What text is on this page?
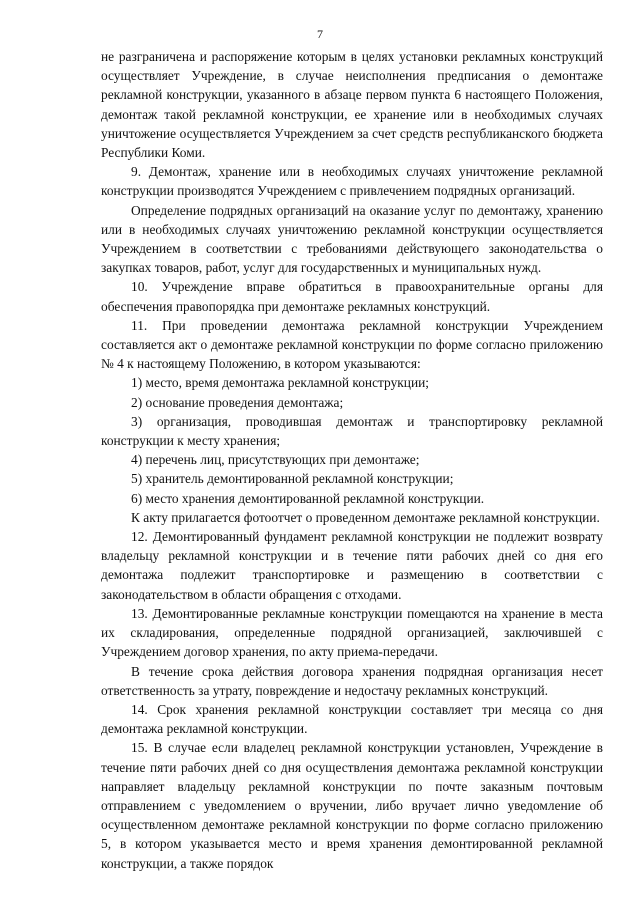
7

не разграничена и распоряжение которым в целях установки рекламных конструкций осуществляет Учреждение, в случае неисполнения предписания о демонтаже рекламной конструкции, указанного в абзаце первом пункта 6 настоящего Положения, демонтаж такой рекламной конструкции, ее хранение или в необходимых случаях уничтожение осуществляется Учреждением за счет средств республиканского бюджета Республики Коми.

9. Демонтаж, хранение или в необходимых случаях уничтожение рекламной конструкции производятся Учреждением с привлечением подрядных организаций.

Определение подрядных организаций на оказание услуг по демонтажу, хранению или в необходимых случаях уничтожению рекламной конструкции осуществляется Учреждением в соответствии с требованиями действующего законодательства о закупках товаров, работ, услуг для государственных и муниципальных нужд.

10. Учреждение вправе обратиться в правоохранительные органы для обеспечения правопорядка при демонтаже рекламных конструкций.

11. При проведении демонтажа рекламной конструкции Учреждением составляется акт о демонтаже рекламной конструкции по форме согласно приложению № 4 к настоящему Положению, в котором указываются:

1) место, время демонтажа рекламной конструкции;

2) основание проведения демонтажа;

3) организация, проводившая демонтаж и транспортировку рекламной конструкции к месту хранения;

4) перечень лиц, присутствующих при демонтаже;

5) хранитель демонтированной рекламной конструкции;

6) место хранения демонтированной рекламной конструкции.

К акту прилагается фотоотчет о проведенном демонтаже рекламной конструкции.

12. Демонтированный фундамент рекламной конструкции не подлежит возврату владельцу рекламной конструкции и в течение пяти рабочих дней со дня его демонтажа подлежит транспортировке и размещению в соответствии с законодательством в области обращения с отходами.

13. Демонтированные рекламные конструкции помещаются на хранение в места их складирования, определенные подрядной организацией, заключившей с Учреждением договор хранения, по акту приема-передачи.

В течение срока действия договора хранения подрядная организация несет ответственность за утрату, повреждение и недостачу рекламных конструкций.

14. Срок хранения рекламной конструкции составляет три месяца со дня демонтажа рекламной конструкции.

15. В случае если владелец рекламной конструкции установлен, Учреждение в течение пяти рабочих дней со дня осуществления демонтажа рекламной конструкции направляет владельцу рекламной конструкции по почте заказным почтовым отправлением с уведомлением о вручении, либо вручает лично уведомление об осуществленном демонтаже рекламной конструкции по форме согласно приложению 5, в котором указывается место и время хранения демонтированной рекламной конструкции, а также порядок
